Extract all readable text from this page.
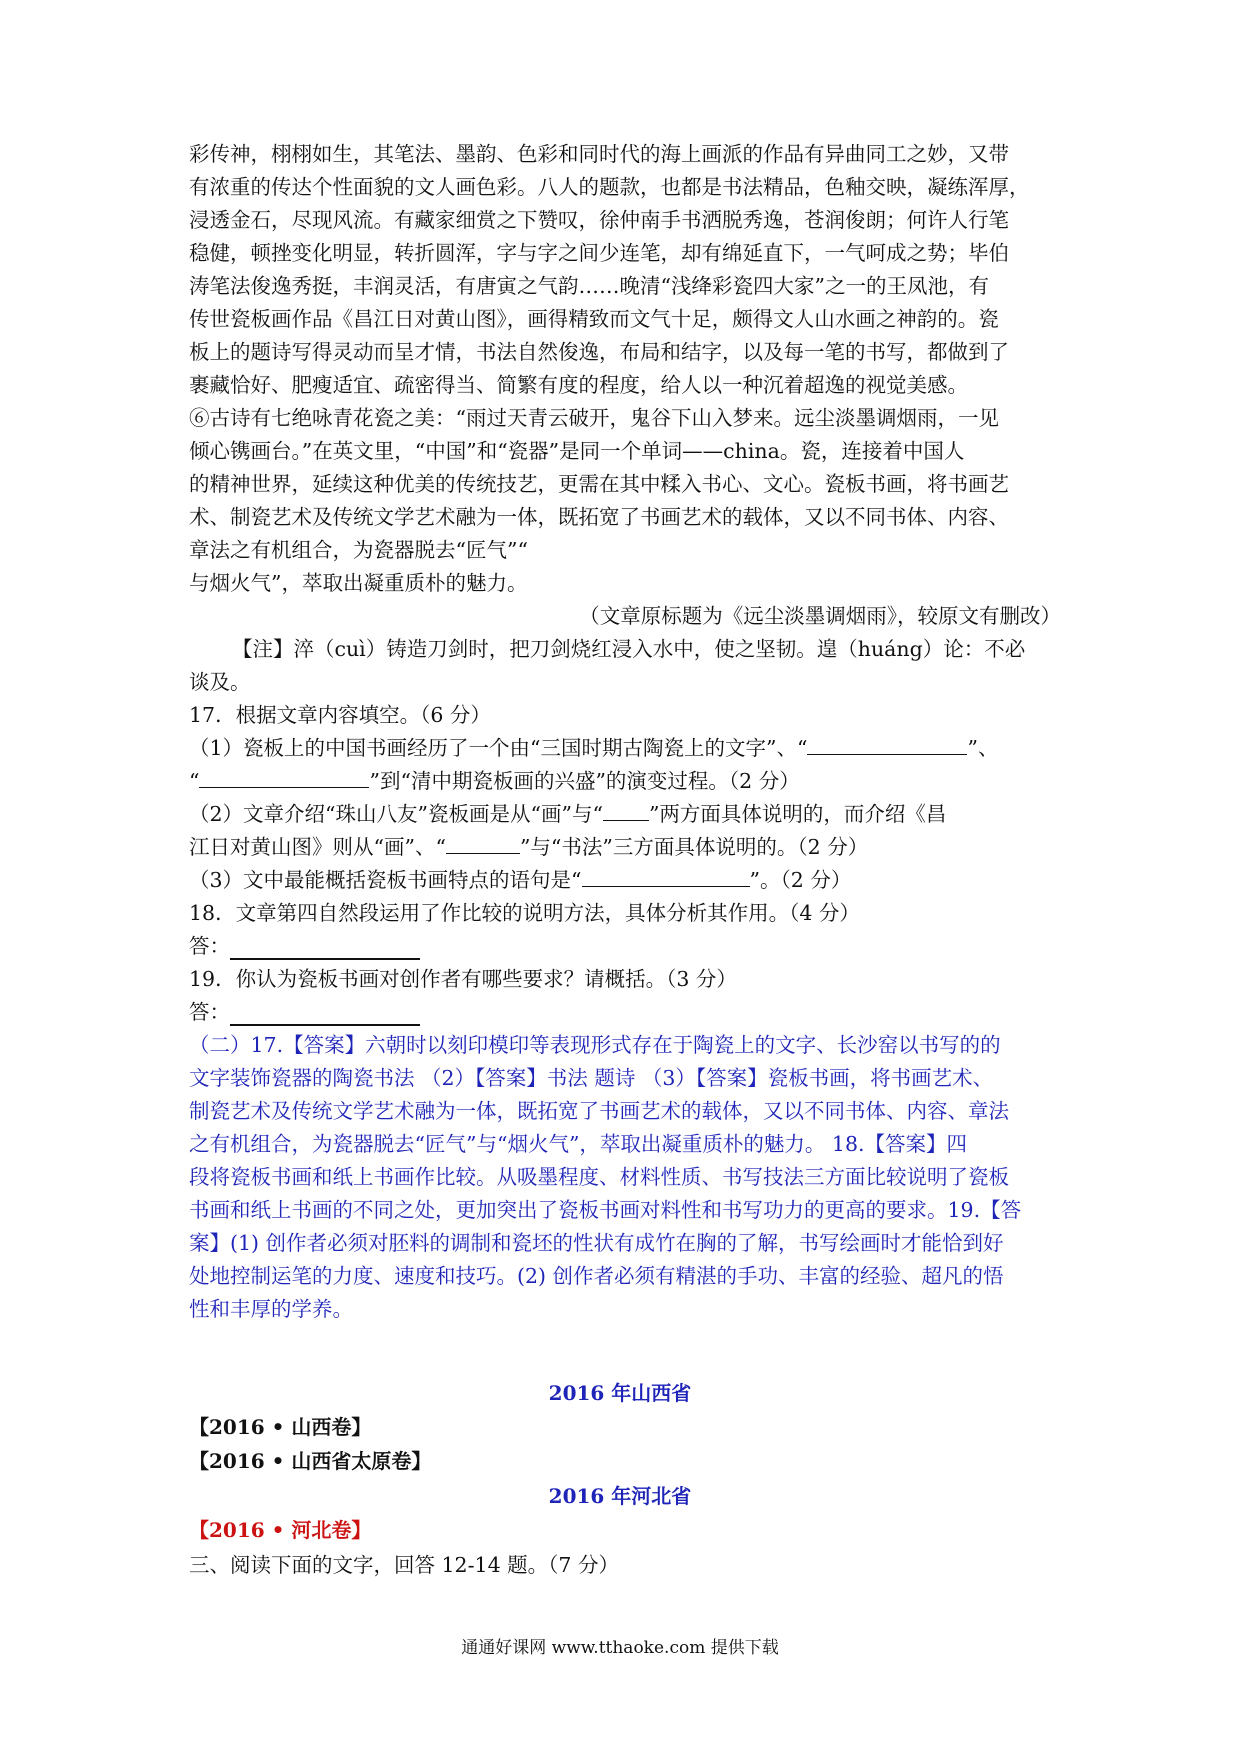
彩传神，栩栩如生，其笔法、墨韵、色彩和同时代的海上画派的作品有异曲同工之妙，又带
有浓重的传达个性面貌的文人画色彩。八人的题款，也都是书法精品，色釉交映，凝练浑厚，
浸透金石，尽现风流。有藏家细赏之下赞叹，徐仲南手书洒脱秀逸，苍润俊朗；何许人行笔
稳健，顿挫变化明显，转折圆浑，字与字之间少连笔，却有绵延直下，一气呵成之势；毕伯
涛笔法俊逸秀挺，丰润灵活，有唐寅之气韵……晚清“浅绛彩瓷四大家”之一的王凤池，有
传世瓷板画作品《昌江日对黄山图》，画得精致而文气十足，颇得文人山水画之神韵的。瓷
板上的题诗写得灵动而呈才情，书法自然俊逸，布局和结字，以及每一笔的书写，都做到了
裹藏恰好、肥瘦适宜、疏密得当、简繁有度的程度，给人以一种沉着超逸的视觉美感。
⑥古诗有七绝咏青花瓷之美：“雨过天青云破开，鬼谷下山入梦来。远尘淡墨调烟雨，一见
倾心镌画台。”在英文里，“中国”和“瓷器”是同一个单词——china。瓷，连接着中国人
的精神世界，延续这种优美的传统技艺，更需在其中糅入书心、文心。瓷板书画，将书画艺
术、制瓷艺术及传统文学艺术融为一体，既拓宽了书画艺术的载体，又以不同书体、内容、
章法之有机组合，为瓷器脱去“匠气”“
与烟火气”，萃取出凝重质朴的魅力。
（文章原标题为《远尘淡墨调烟雨》，较原文有删改）
【注】淬（cuì）铸造刀剑时，把刀剑烧红浸入水中，使之坚韧。遑（huáng）论：不必
谈及。
17．根据文章内容填空。（6 分）
（1）瓷板上的中国书画经历了一个由“三国时期古陶瓷上的文字”、“	”、
“	”到“清中期瓷板画的兴盛”的演变过程。（2 分）
（2）文章介绍“珠山八友”瓷板画是从“画”与“ ”两方面具体说明的，而介绍《昌
江日对黄山图》则从“画”、“	”与“书法”三方面具体说明的。（2 分）
（3）文中最能概括瓷板书画特点的语句是“	”。（2 分）
18．文章第四自然段运用了作比较的说明方法，具体分析其作用。（4 分）
答：
19．你认为瓷板书画对创作者有哪些要求？请概括。（3 分）
答：
（二）17.【答案】六朝时以刻印模印等表现形式存在于陶瓷上的文字、长沙窑以书写的的
文字装饰瓷器的陶瓷书法 （2）【答案】书法 题诗 （3）【答案】瓷板书画，将书画艺术、
制瓷艺术及传统文学艺术融为一体，既拓宽了书画艺术的载体，又以不同书体、内容、章法
之有机组合，为瓷器脱去“匠气”与“烟火气”，萃取出凝重质朴的魅力。 18.【答案】四
段将瓷板书画和纸上书画作比较。从吸墨程度、材料性质、书写技法三方面比较说明了瓷板
书画和纸上书画的不同之处，更加突出了瓷板书画对料性和书写功力的更高的要求。19.【答
案】(1) 创作者必须对胚料的调制和瓷坯的性状有成竹在胸的了解，书写绘画时才能恰到好
处地控制运笔的力度、速度和技巧。(2) 创作者必须有精湛的手功、丰富的经验、超凡的悟
性和丰厚的学养。
2016 年山西省
【2016 • 山西卷】
【2016 • 山西省太原卷】
2016 年河北省
【2016 • 河北卷】
三、阅读下面的文字，回答 12-14 题。（7 分）
通通好课网 www.tthaoke.com 提供下载
